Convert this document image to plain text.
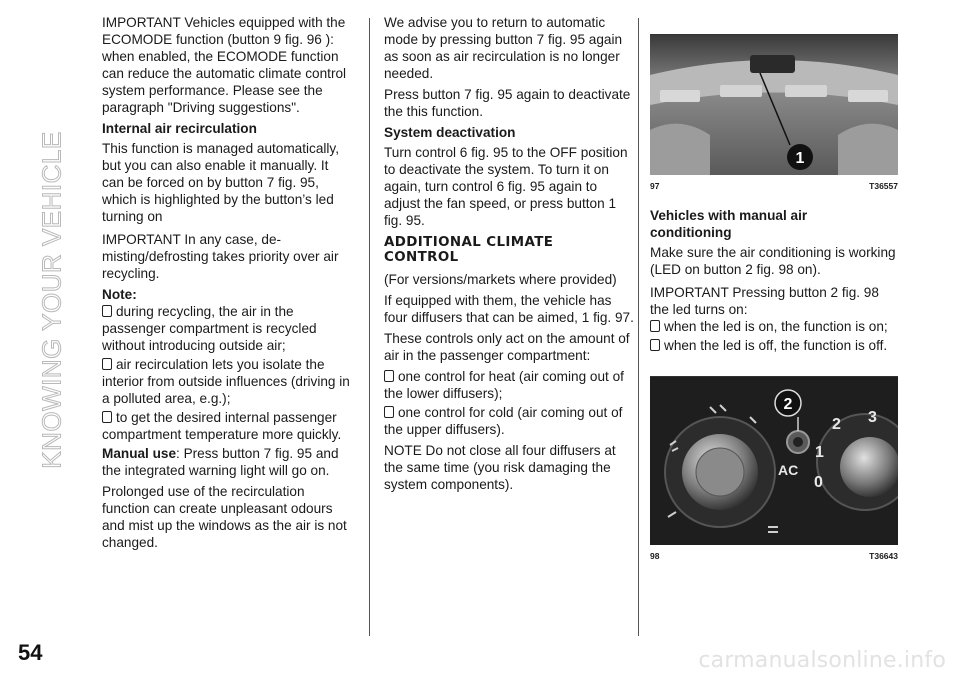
KNOWING YOUR VEHICLE

IMPORTANT Vehicles equipped with the ECOMODE function (button 9 fig. 96 ): when enabled, the ECOMODE function can reduce the automatic climate control system performance. Please see the paragraph "Driving suggestions".

Internal air recirculation

This function is managed automatically, but you can also enable it manually. It can be forced on by button 7 fig. 95, which is highlighted by the button’s led turning on

IMPORTANT In any case, de-misting/defrosting takes priority over air recycling.

Note:
during recycling, the air in the passenger compartment is recycled without introducing outside air;
air recirculation lets you isolate the interior from outside influences (driving in a polluted area, e.g.);
to get the desired internal passenger compartment temperature more quickly.

Manual use: Press button 7 fig. 95 and the integrated warning light will go on.

Prolonged use of the recirculation function can create unpleasant odours and mist up the windows as the air is not changed.

We advise you to return to automatic mode by pressing button 7 fig. 95 again as soon as air recirculation is no longer needed.

Press button 7 fig. 95 again to deactivate the this function.

System deactivation

Turn control 6 fig. 95 to the OFF position to deactivate the system. To turn it on again, turn control 6 fig. 95 again to adjust the fan speed, or press button 1 fig. 95.

ADDITIONAL CLIMATE CONTROL

(For versions/markets where provided)

If equipped with them, the vehicle has four diffusers that can be aimed, 1 fig. 97.

These controls only act on the amount of air in the passenger compartment:

one control for heat (air coming out of the lower diffusers);
one control for cold (air coming out of the upper diffusers).

NOTE Do not close all four diffusers at the same time (you risk damaging the system components).

1
97	T36557
Vehicles with manual air conditioning

Make sure the air conditioning is working (LED on button 2 fig. 98 on).

IMPORTANT Pressing button 2 fig. 98 the led turns on:

when the led is on, the function is on;
when the led is off, the function is off.
AC
0
1
2 3
2
98	T36643
54	carmanualsonline.info
